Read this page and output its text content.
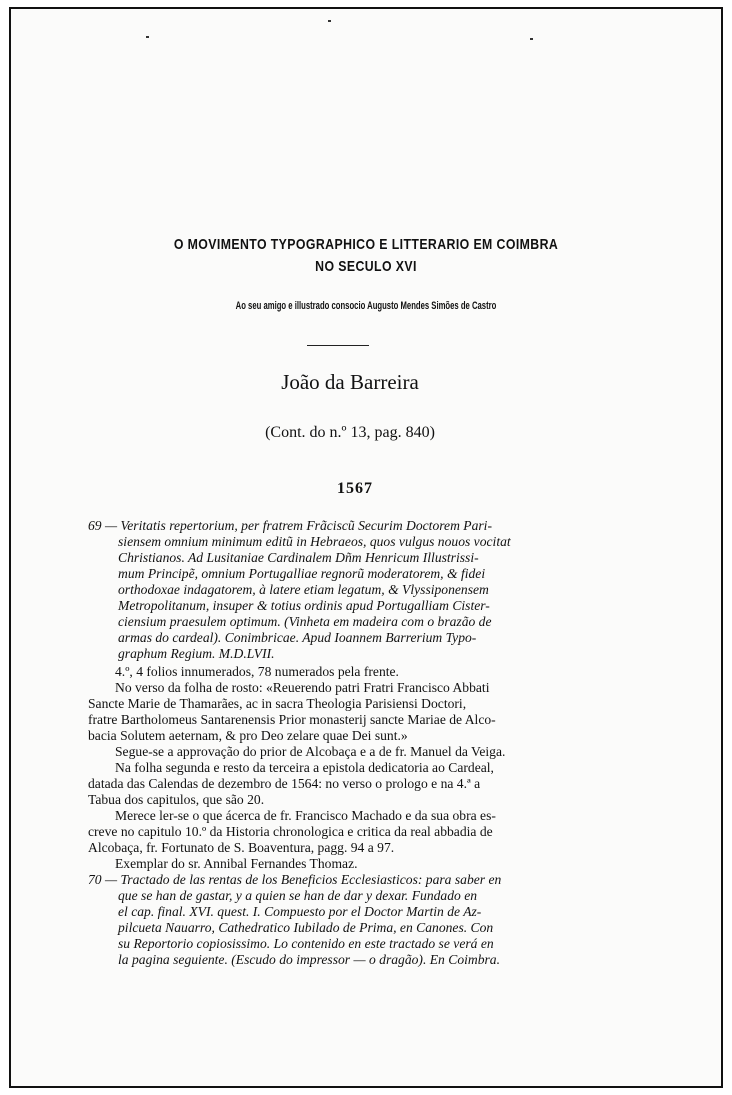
O MOVIMENTO TYPOGRAPHICO E LITTERARIO EM COIMBRA
NO SECULO XVI
Ao seu amigo e illustrado consocio Augusto Mendes Simões de Castro
João da Barreira
(Cont. do n.º 13, pag. 840)
1567
69 — Veritatis repertorium, per fratrem Frãciscũ Securim Doctorem Pari-
siensem omnium minimum editũ in Hebraeos, quos vulgus nouos vocitat
Christianos. Ad Lusitaniae Cardinalem Dñm Henricum Illustrissi-
mum Principẽ, omnium Portugalliae regnorũ moderatorem, & fidei
orthodoxae indagatorem, à latere etiam legatum, & Vlyssiponensem
Metropolitanum, insuper & totius ordinis apud Portugalliam Cister-
ciensium praesulem optimum. (Vinheta em madeira com o brazão de
armas do cardeal). Conimbricae. Apud Ioannem Barrerium Typo-
graphum Regium. M.D.LVII.
4.º, 4 folios innumerados, 78 numerados pela frente.
No verso da folha de rosto: «Reuerendo patri Fratri Francisco Abbati
Sancte Marie de Thamarães, ac in sacra Theologia Parisiensi Doctori,
fratre Bartholomeus Santarenensis Prior monasterij sancte Mariae de Alco-
bacia Solutem aeternam, & pro Deo zelare quae Dei sunt.»
Segue-se a approvação do prior de Alcobaça e a de fr. Manuel da Veiga.
Na folha segunda e resto da terceira a epistola dedicatoria ao Cardeal,
datada das Calendas de dezembro de 1564: no verso o prologo e na 4.ª a
Tabua dos capitulos, que são 20.
Merece ler-se o que ácerca de fr. Francisco Machado e da sua obra es-
creve no capitulo 10.º da Historia chronologica e critica da real abbadia de
Alcobaça, fr. Fortunato de S. Boaventura, pagg. 94 a 97.
Exemplar do sr. Annibal Fernandes Thomaz.
70 — Tractado de las rentas de los Beneficios Ecclesiasticos: para saber en
que se han de gastar, y a quien se han de dar y dexar. Fundado en
el cap. final. XVI. quest. I. Compuesto por el Doctor Martin de Az-
pilcueta Nauarro, Cathedratico Iubilado de Prima, en Canones. Con
su Reportorio copiosissimo. Lo contenido en este tractado se verá en
la pagina seguiente. (Escudo do impressor — o dragão). En Coimbra.
